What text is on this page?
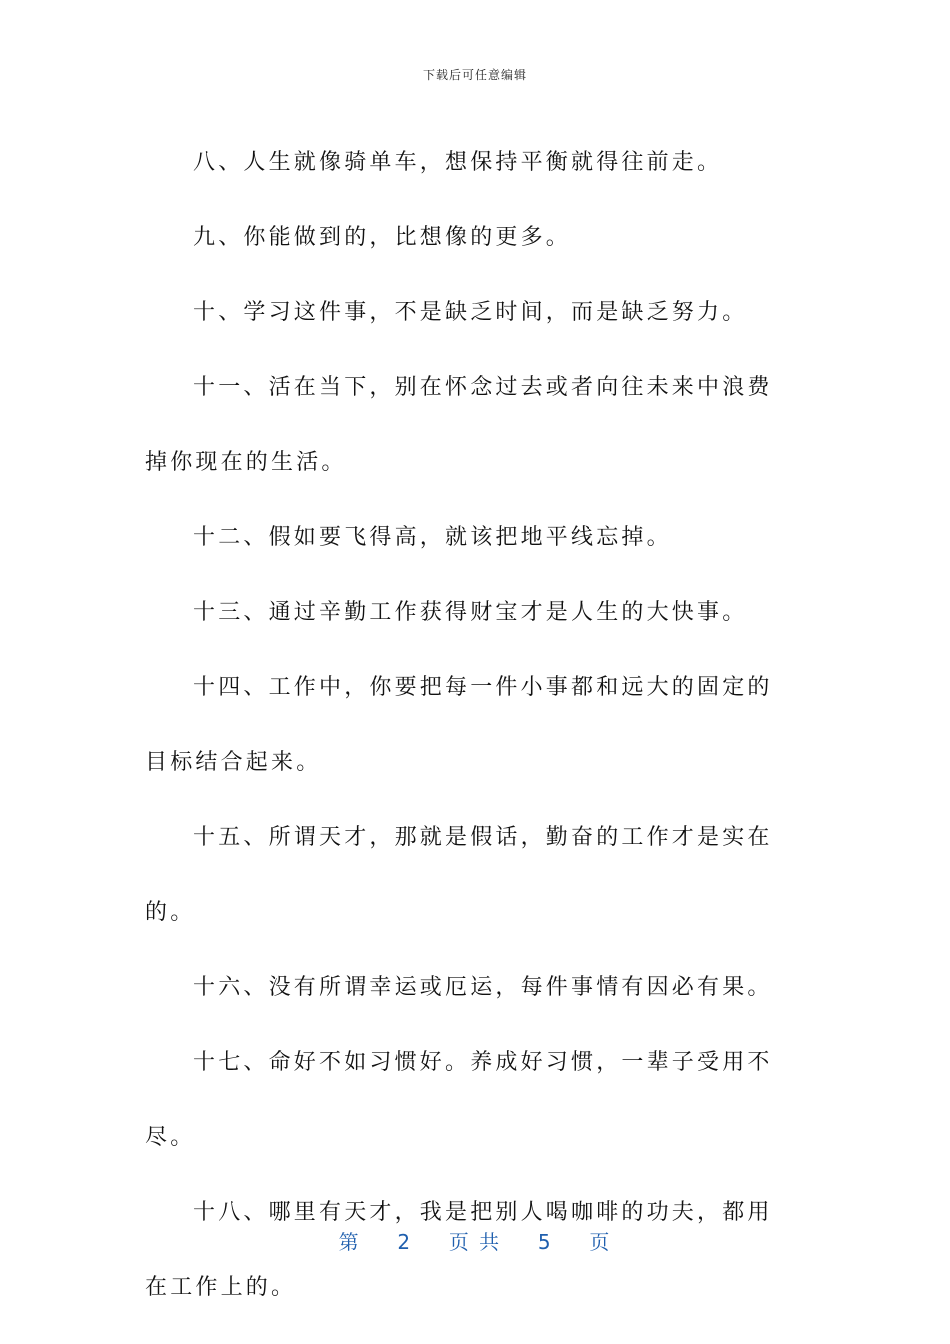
下载后可任意编辑

八、人生就像骑单车，想保持平衡就得往前走。

九、你能做到的，比想像的更多。

十、学习这件事，不是缺乏时间，而是缺乏努力。

十一、活在当下，别在怀念过去或者向往未来中浪费掉你现在的生活。

十二、假如要飞得高，就该把地平线忘掉。

十三、通过辛勤工作获得财宝才是人生的大快事。

十四、工作中，你要把每一件小事都和远大的固定的目标结合起来。

十五、所谓天才，那就是假话，勤奋的工作才是实在的。

十六、没有所谓幸运或厄运，每件事情有因必有果。

十七、命好不如习惯好。养成好习惯，一辈子受用不尽。

十八、哪里有天才，我是把别人喝咖啡的功夫，都用在工作上的。

第 2 页 共 5 页
